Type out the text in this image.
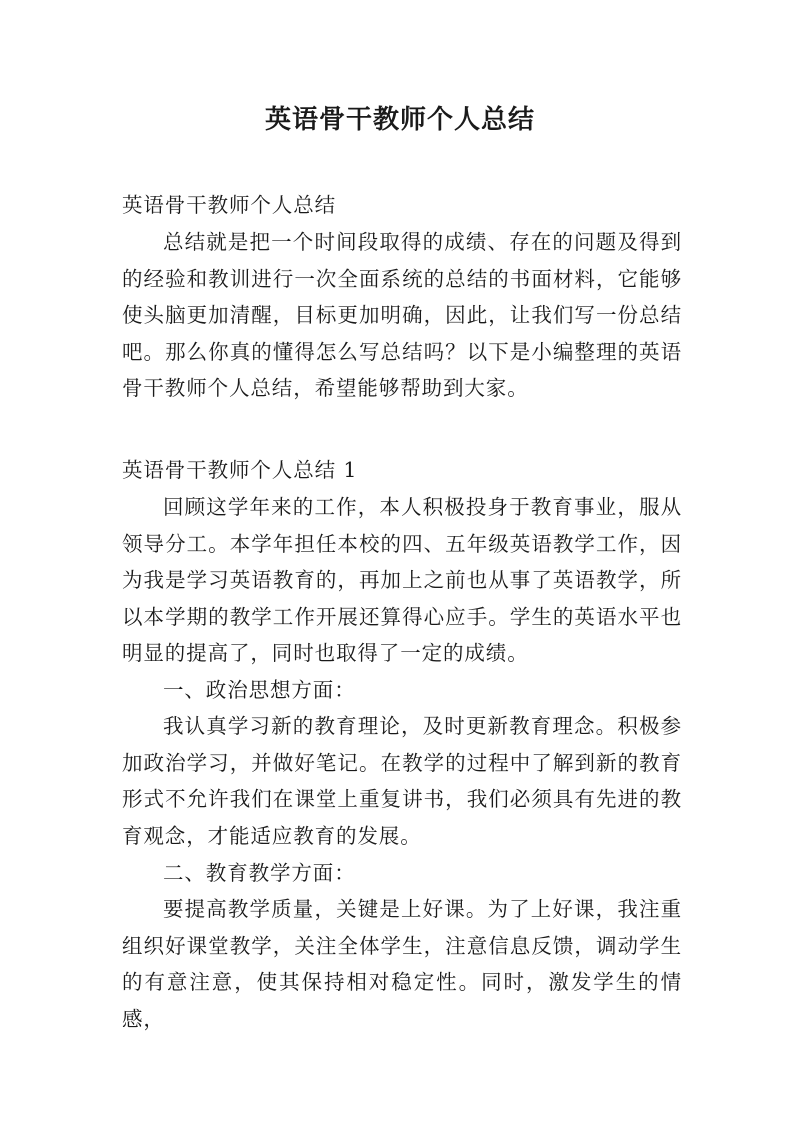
英语骨干教师个人总结
英语骨干教师个人总结
总结就是把一个时间段取得的成绩、存在的问题及得到的经验和教训进行一次全面系统的总结的书面材料，它能够使头脑更加清醒，目标更加明确，因此，让我们写一份总结吧。那么你真的懂得怎么写总结吗？以下是小编整理的英语骨干教师个人总结，希望能够帮助到大家。
英语骨干教师个人总结 1
回顾这学年来的工作，本人积极投身于教育事业，服从领导分工。本学年担任本校的四、五年级英语教学工作，因为我是学习英语教育的，再加上之前也从事了英语教学，所以本学期的教学工作开展还算得心应手。学生的英语水平也明显的提高了，同时也取得了一定的成绩。
一、政治思想方面：
我认真学习新的教育理论，及时更新教育理念。积极参加政治学习，并做好笔记。在教学的过程中了解到新的教育形式不允许我们在课堂上重复讲书，我们必须具有先进的教育观念，才能适应教育的发展。
二、教育教学方面：
要提高教学质量，关键是上好课。为了上好课，我注重组织好课堂教学，关注全体学生，注意信息反馈，调动学生的有意注意，使其保持相对稳定性。同时，激发学生的情感，
